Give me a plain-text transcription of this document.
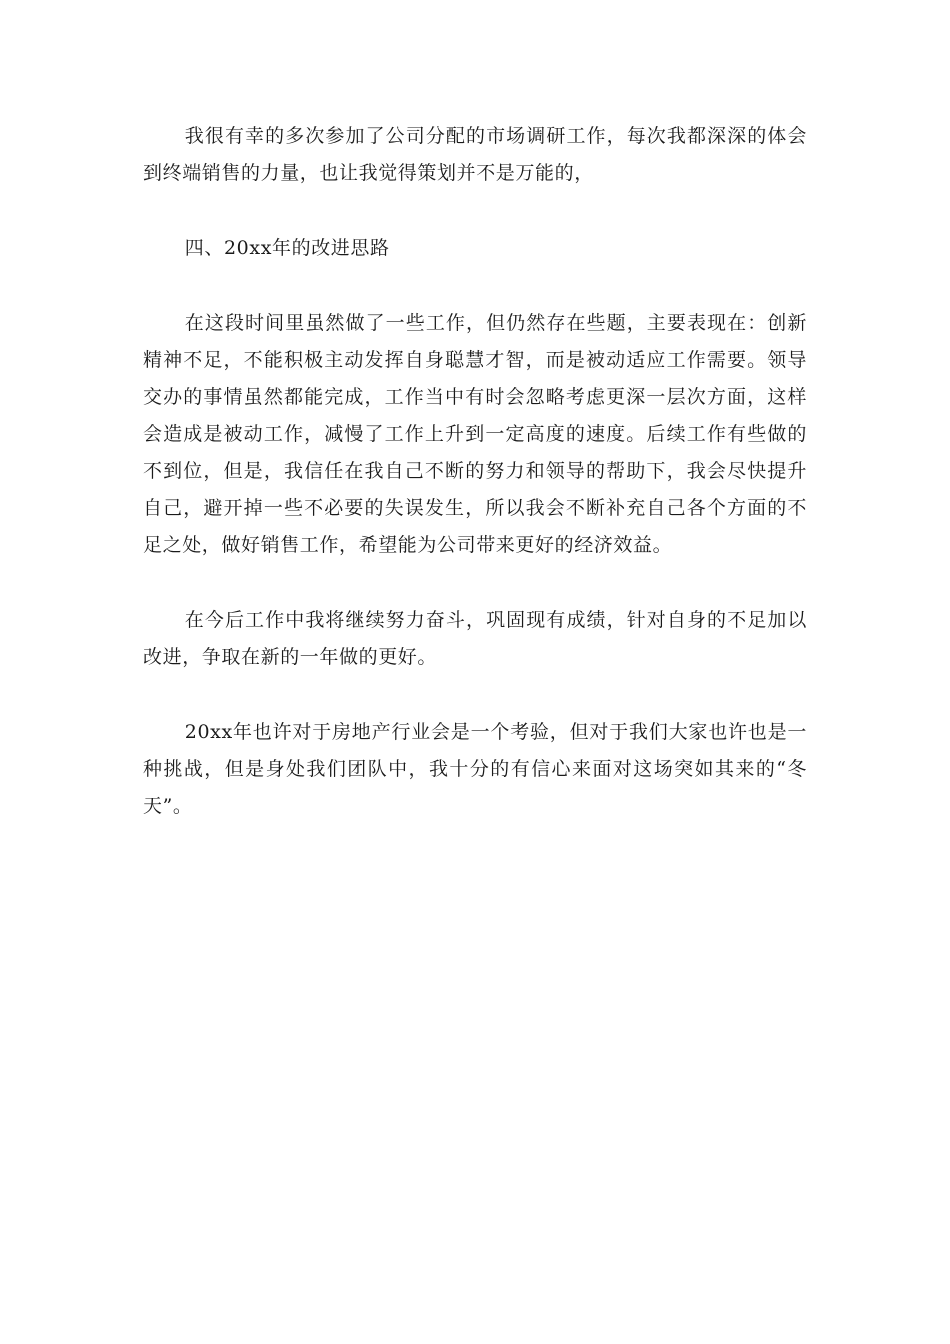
我很有幸的多次参加了公司分配的市场调研工作，每次我都深深的体会到终端销售的力量，也让我觉得策划并不是万能的，

四、20xx年的改进思路

在这段时间里虽然做了一些工作，但仍然存在些题，主要表现在：创新精神不足，不能积极主动发挥自身聪慧才智，而是被动适应工作需要。领导交办的事情虽然都能完成，工作当中有时会忽略考虑更深一层次方面，这样会造成是被动工作，减慢了工作上升到一定高度的速度。后续工作有些做的不到位，但是，我信任在我自己不断的努力和领导的帮助下，我会尽快提升自己，避开掉一些不必要的失误发生，所以我会不断补充自己各个方面的不足之处，做好销售工作，希望能为公司带来更好的经济效益。

在今后工作中我将继续努力奋斗，巩固现有成绩，针对自身的不足加以改进，争取在新的一年做的更好。

20xx年也许对于房地产行业会是一个考验，但对于我们大家也许也是一种挑战，但是身处我们团队中，我十分的有信心来面对这场突如其来的“冬天”。
